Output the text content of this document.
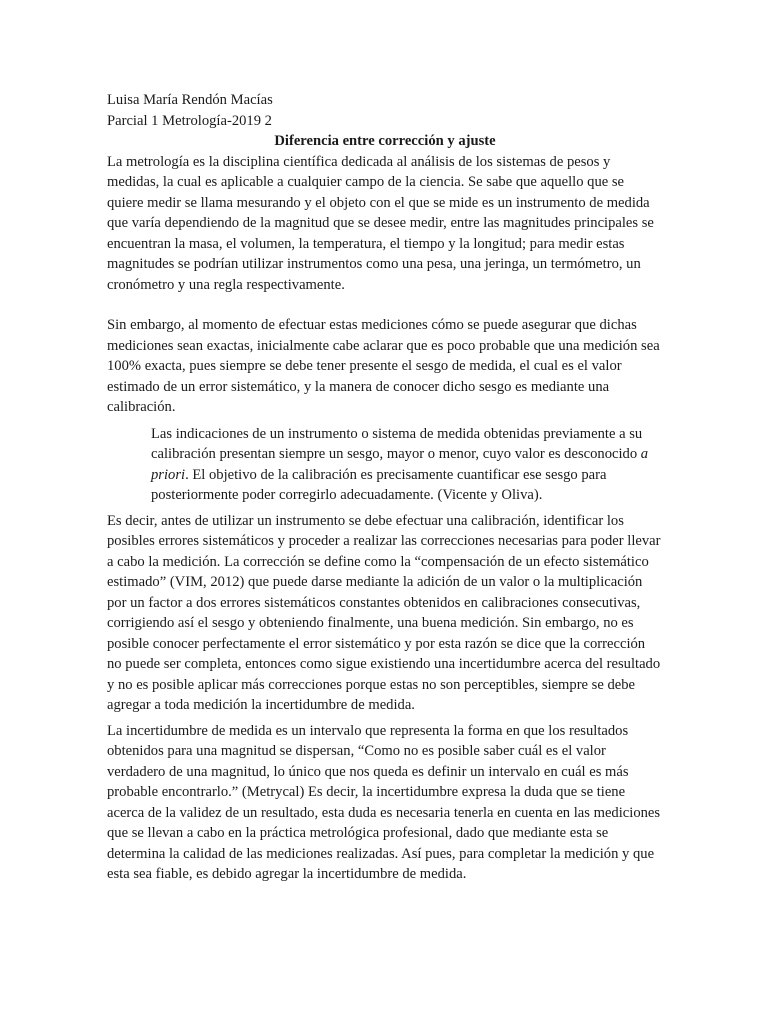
Luisa María Rendón Macías

Parcial 1 Metrología-2019 2

Diferencia entre corrección y ajuste

La metrología es la disciplina científica dedicada al análisis de los sistemas de pesos y medidas, la cual es aplicable a cualquier campo de la ciencia. Se sabe que aquello que se quiere medir se llama mesurando y el objeto con el que se mide es un instrumento de medida que varía dependiendo de la magnitud que se desee medir, entre las magnitudes principales se encuentran la masa, el volumen, la temperatura, el tiempo y la longitud; para medir estas magnitudes se podrían utilizar instrumentos como una pesa, una jeringa, un termómetro, un cronómetro y una regla respectivamente.

Sin embargo, al momento de efectuar estas mediciones cómo se puede asegurar que dichas mediciones sean exactas, inicialmente cabe aclarar que es poco probable que una medición sea 100% exacta, pues siempre se debe tener presente el sesgo de medida, el cual es el valor estimado de un error sistemático, y la manera de conocer dicho sesgo es mediante una calibración.

Las indicaciones de un instrumento o sistema de medida obtenidas previamente a su calibración presentan siempre un sesgo, mayor o menor, cuyo valor es desconocido a priori. El objetivo de la calibración es precisamente cuantificar ese sesgo para posteriormente poder corregirlo adecuadamente. (Vicente y Oliva).

Es decir, antes de utilizar un instrumento se debe efectuar una calibración, identificar los posibles errores sistemáticos y proceder a realizar las correcciones necesarias para poder llevar a cabo la medición. La corrección se define como la “compensación de un efecto sistemático estimado” (VIM, 2012) que puede darse mediante la adición de un valor o la multiplicación por un factor a dos errores sistemáticos constantes obtenidos en calibraciones consecutivas, corrigiendo así el sesgo y obteniendo finalmente, una buena medición. Sin embargo, no es posible conocer perfectamente el error sistemático y por esta razón se dice que la corrección no puede ser completa, entonces como sigue existiendo una incertidumbre acerca del resultado y no es posible aplicar más correcciones porque estas no son perceptibles, siempre se debe agregar a toda medición la incertidumbre de medida.

La incertidumbre de medida es un intervalo que representa la forma en que los resultados obtenidos para una magnitud se dispersan, “Como no es posible saber cuál es el valor verdadero de una magnitud, lo único que nos queda es definir un intervalo en cuál es más probable encontrarlo.” (Metrycal) Es decir, la incertidumbre expresa la duda que se tiene acerca de la validez de un resultado, esta duda es necesaria tenerla en cuenta en las mediciones que se llevan a cabo en la práctica metrológica profesional, dado que mediante esta se determina la calidad de las mediciones realizadas. Así pues, para completar la medición y que esta sea fiable, es debido agregar la incertidumbre de medida.
